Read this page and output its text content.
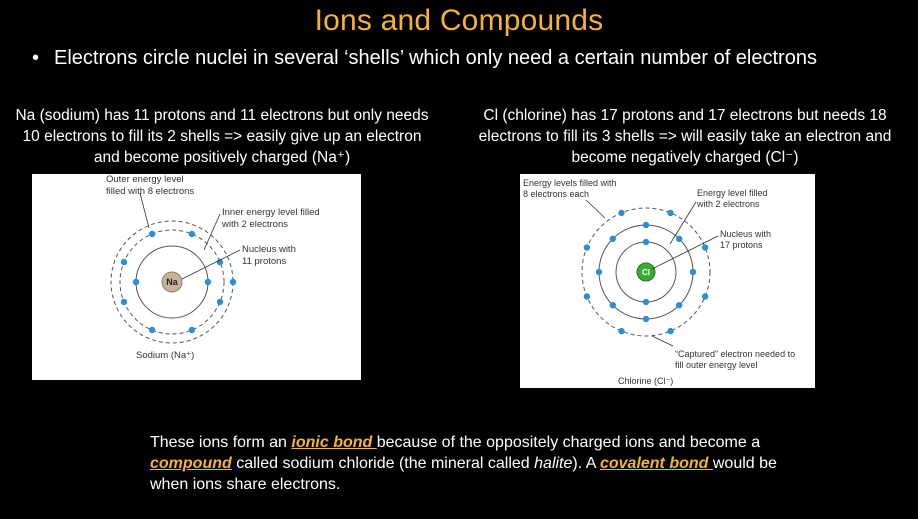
Ions and Compounds
• Electrons circle nuclei in several ‘shells’ which only need a certain number of electrons
Na (sodium) has 11 protons and 11 electrons but only needs 10 electrons to fill its 2 shells => easily give up an electron and become positively charged (Na⁺)
Cl (chlorine) has 17 protons and 17 electrons but needs 18 electrons to fill its 3 shells => will easily take an electron and become negatively charged (Cl⁻)
Na
Outer energy level
filled with 8 electrons
Inner energy level filled
with 2 electrons
Nucleus with
11 protons
Sodium (Na⁺)
Cl
Energy levels filled with
8 electrons each	Energy level filled
with 2 electrons
Nucleus with
17 protons
“Captured” electron needed to
fill outer energy level
Chlorine (Cl⁻)
These ions form an ionic bond because of the oppositely charged ions and become a compound called sodium chloride (the mineral called halite). A covalent bond would be when ions share electrons.
